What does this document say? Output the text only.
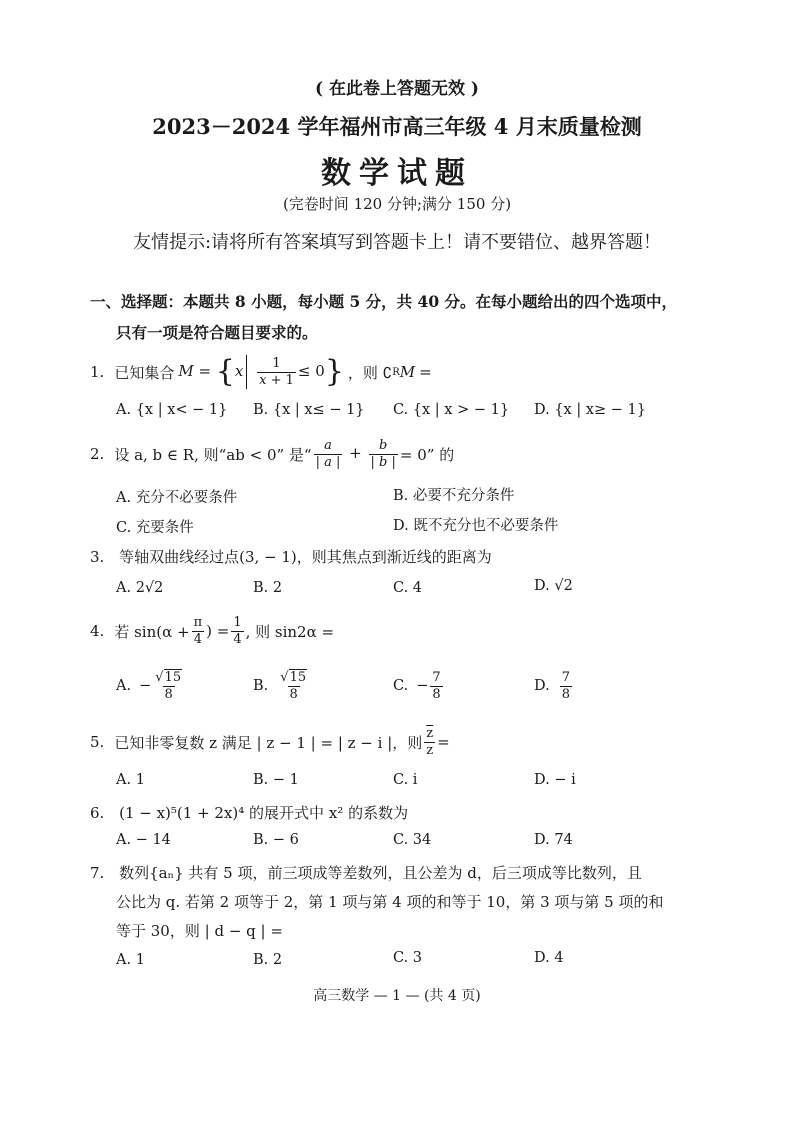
( 在此卷上答题无效 )
2023－2024 学年福州市高三年级 4 月末质量检测
数学试题
(完卷时间 120 分钟;满分 150 分)
友情提示:请将所有答案填写到答题卡上！请不要错位、越界答题！
一、选择题：本题共 8 小题，每小题 5 分，共 40 分。在每小题给出的四个选项中，
只有一项是符合题目要求的。
1. 已知集合 $M = \{x \frac{1}{x + 1} \le 0\}$ ，则 ∁ R M =
A. {x | x< − 1} B. {x | x≤ − 1} C. {x | x > − 1} D. {x | x≥ − 1}
2. 设 a, b ∈ R, 则“ab < 0” 是“ $\frac{a}{| a |} + \frac{b}{| b |} = 0$” 的
A. 充分不必要条件	B. 必要不充分条件
C. 充要条件	D. 既不充分也不必要条件
3. 等轴双曲线经过点(3, − 1)，则其焦点到渐近线的距离为
A. 2√2	B. 2	C. 4	D. √2
4. 若 $\sin(\alpha + \frac{\pi}{4}$ ) = $\frac{1}{4}$ , 则 sin2α =
A. − $\frac{√15}{8}$	B. $\frac{√15}{8}$	C. − $\frac{7}{8}$	D. $\frac{7}{8}$
5. 已知非零复数 z 满足 | z − 1 | = | z − i |，则 $\frac{\overline{z}}{z}$ =
A. 1	B. − 1	C. i	D. − i
6. (1 − x)⁵(1 + 2x)⁴ 的展开式中 x² 的系数为
A. − 14	B. − 6	C. 34	D. 74
7. 数列{aₙ} 共有 5 项，前三项成等差数列，且公差为 d，后三项成等比数列，且
公比为 q. 若第 2 项等于 2，第 1 项与第 4 项的和等于 10，第 3 项与第 5 项的和
等于 30，则 | d − q | =
A. 1	B. 2	C. 3	D. 4
高三数学 — 1 — (共 4 页)
